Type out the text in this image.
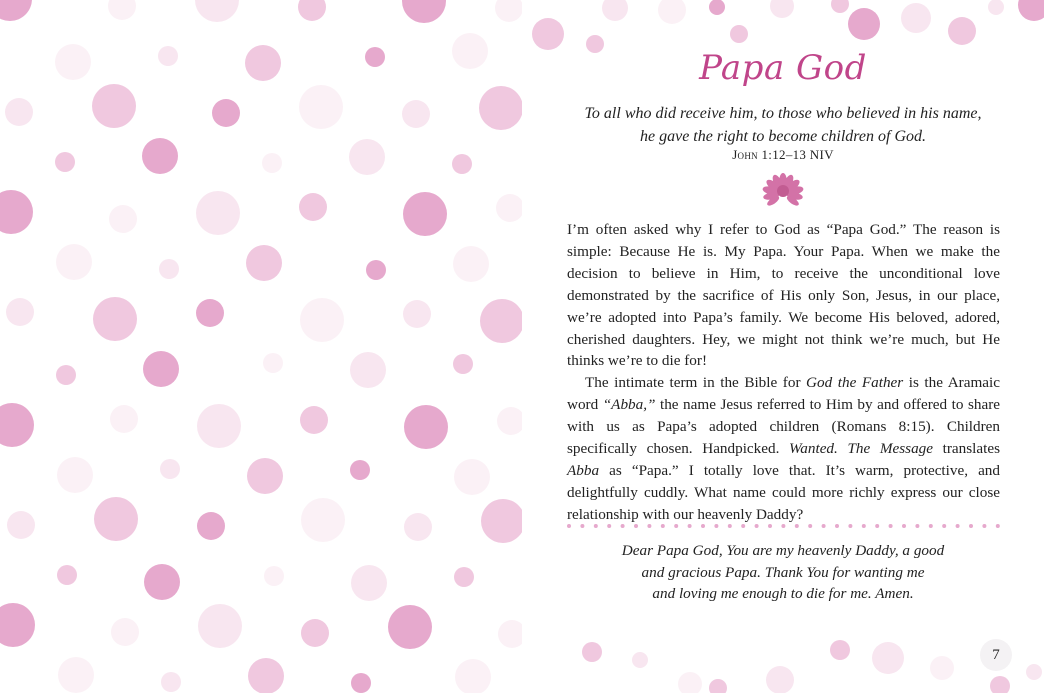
Papa God
To all who did receive him, to those who believed in his name, he gave the right to become children of God.
John 1:12–13 NIV

I’m often asked why I refer to God as “Papa God.” The reason is simple: Because He is. My Papa. Your Papa. When we make the decision to believe in Him, to receive the unconditional love demonstrated by the sacrifice of His only Son, Jesus, in our place, we’re adopted into Papa’s family. We become His beloved, adored, cherished daughters. Hey, we might not think we’re much, but He thinks we’re to die for!

The intimate term in the Bible for God the Father is the Aramaic word “Abba,” the name Jesus referred to Him by and offered to share with us as Papa’s adopted children (Romans 8:15). Children specifically chosen. Handpicked. Wanted. The Message translates Abba as “Papa.” I totally love that. It’s warm, protective, and delightfully cuddly. What name could more richly express our close relationship with our heavenly Daddy?

Dear Papa God, You are my heavenly Daddy, a good
and gracious Papa. Thank You for wanting me
and loving me enough to die for me. Amen.
7
